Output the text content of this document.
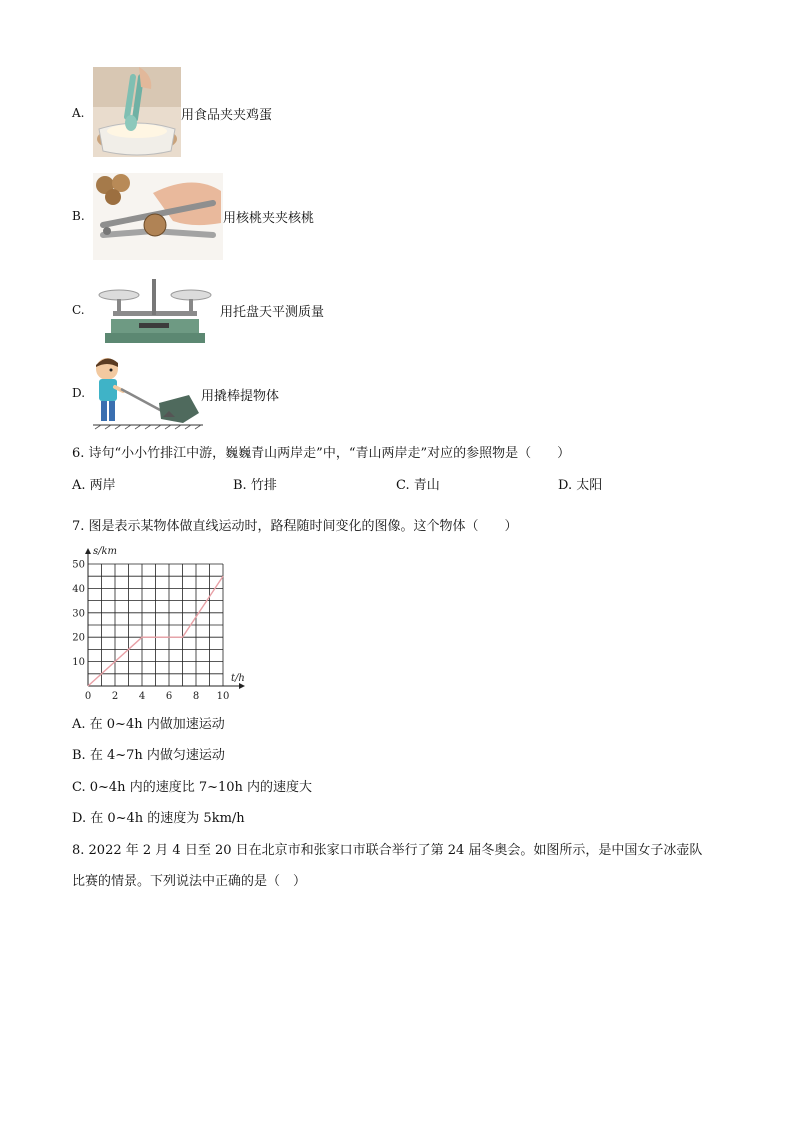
A.	用食品夹夹鸡蛋
B.	用核桃夹夹核桃
C.	用托盘天平测质量
D.	用撬棒提物体
6. 诗句“小小竹排江中游，巍巍青山两岸走”中，“青山两岸走”对应的参照物是（　　）
A. 两岸	B. 竹排	C. 青山	D. 太阳
7. 图是表示某物体做直线运动时，路程随时间变化的图像。这个物体（　　）
0 2 4 6 8 10
10
20
30
40
50
s/km
t/h
A. 在 0~4h 内做加速运动
B. 在 4~7h 内做匀速运动
C. 0~4h 内的速度比 7~10h 内的速度大
D. 在 0~4h 的速度为 5km/h
8. 2022 年 2 月 4 日至 20 日在北京市和张家口市联合举行了第 24 届冬奥会。如图所示，是中国女子冰壶队
比赛的情景。下列说法中正确的是（　）
